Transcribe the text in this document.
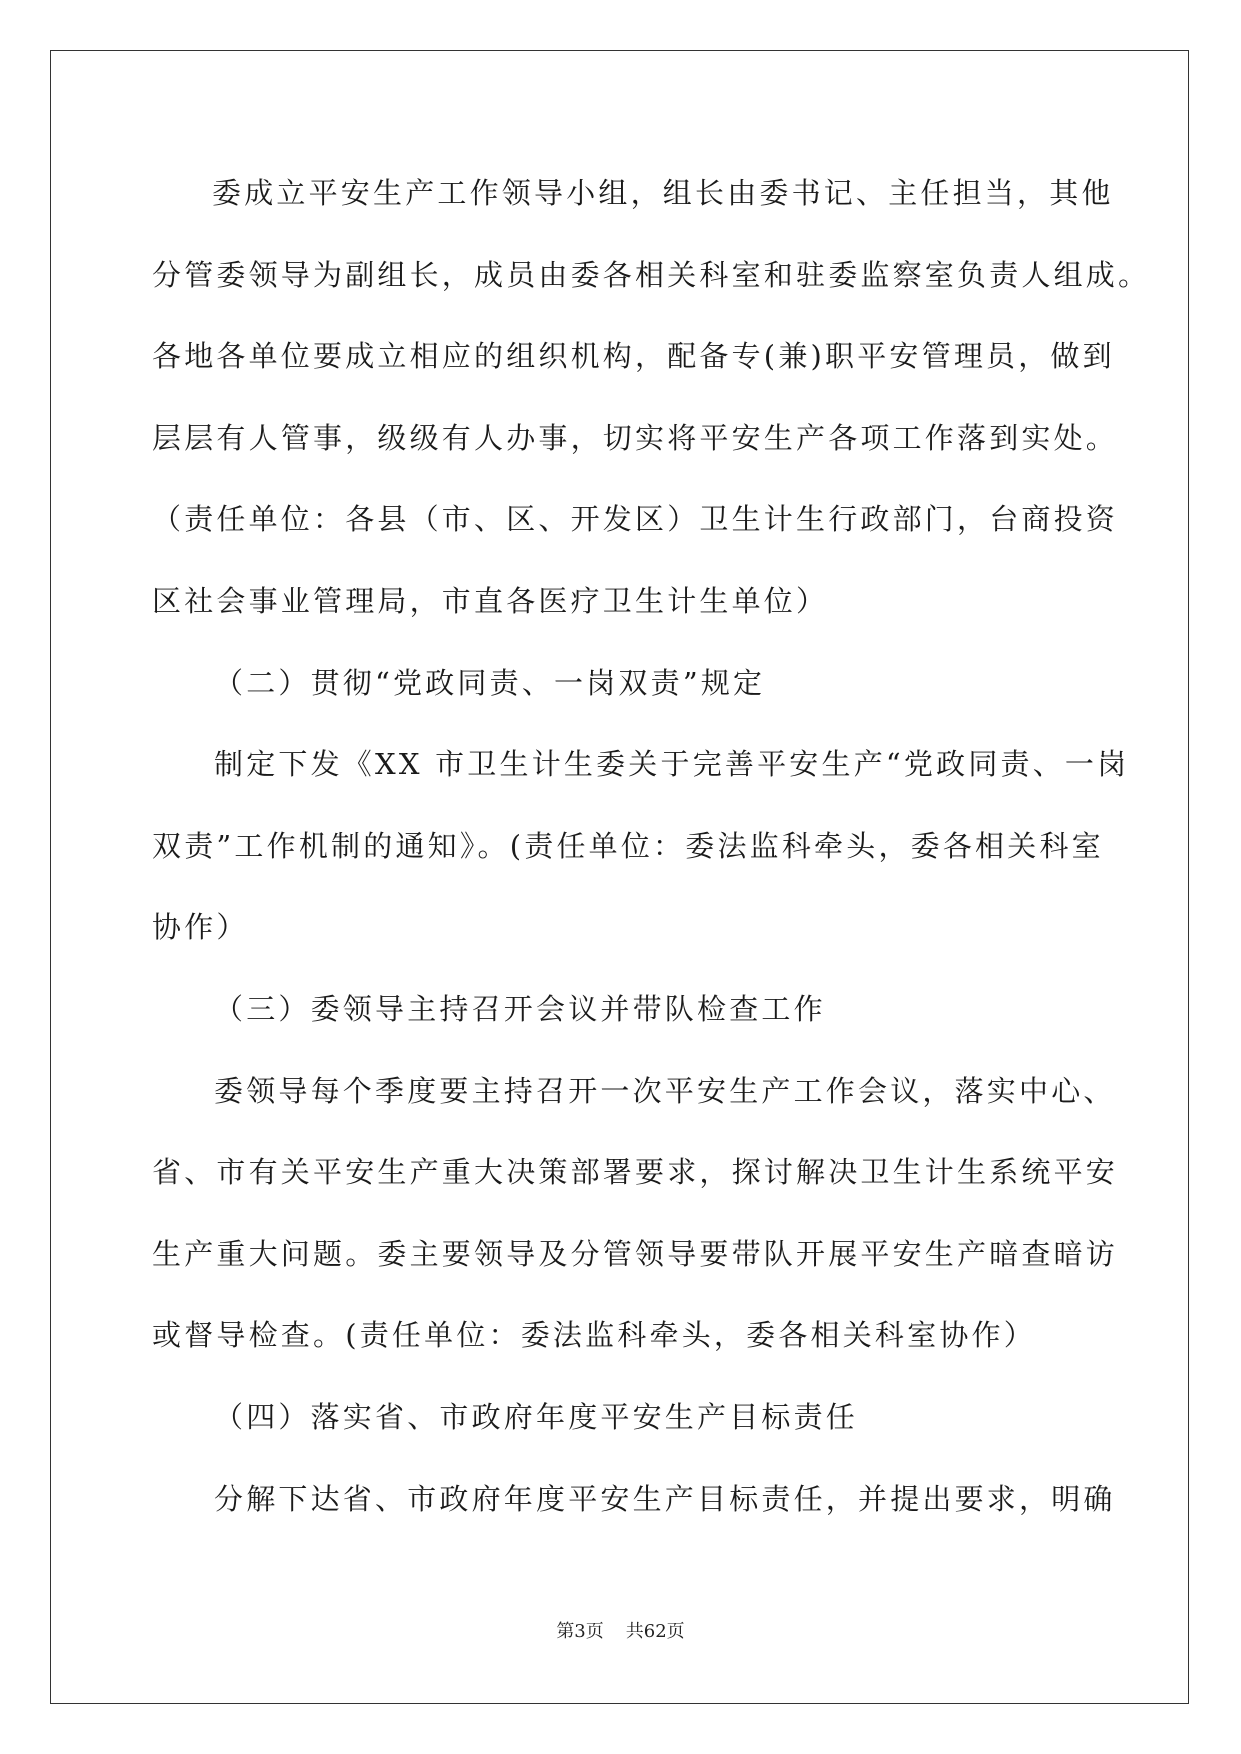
委成立平安生产工作领导小组，组长由委书记、主任担当，其他
分管委领导为副组长，成员由委各相关科室和驻委监察室负责人组成。
各地各单位要成立相应的组织机构，配备专(兼)职平安管理员，做到
层层有人管事，级级有人办事，切实将平安生产各项工作落到实处。
（责任单位：各县（市、区、开发区）卫生计生行政部门，台商投资
区社会事业管理局，市直各医疗卫生计生单位）
（二）贯彻“党政同责、一岗双责”规定
制定下发《XX 市卫生计生委关于完善平安生产“党政同责、一岗
双责”工作机制的通知》。(责任单位：委法监科牵头，委各相关科室
协作）
（三）委领导主持召开会议并带队检查工作
委领导每个季度要主持召开一次平安生产工作会议，落实中心、
省、市有关平安生产重大决策部署要求，探讨解决卫生计生系统平安
生产重大问题。委主要领导及分管领导要带队开展平安生产暗查暗访
或督导检查。(责任单位：委法监科牵头，委各相关科室协作）
（四）落实省、市政府年度平安生产目标责任
分解下达省、市政府年度平安生产目标责任，并提出要求，明确
第3页 共62页
